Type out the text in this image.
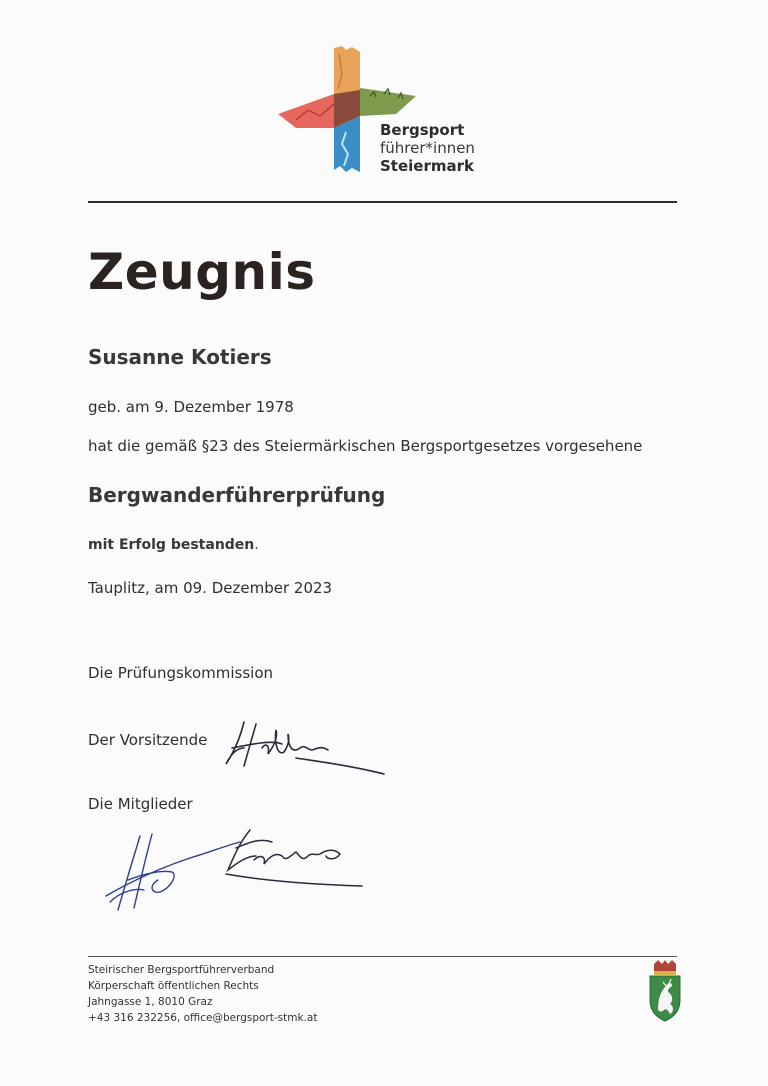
Bergsport
führer*innen
Steiermark
Zeugnis
Susanne Kotiers
geb. am 9. Dezember 1978
hat die gemäß §23 des Steiermärkischen Bergsportgesetzes vorgesehene
Bergwanderführerprüfung
mit Erfolg bestanden.
Tauplitz, am 09. Dezember 2023
Die Prüfungskommission
Der Vorsitzende
Die Mitglieder
Steirischer Bergsportführerverband
Körperschaft öffentlichen Rechts
Jahngasse 1, 8010 Graz
+43 316 232256, office@bergsport-stmk.at
